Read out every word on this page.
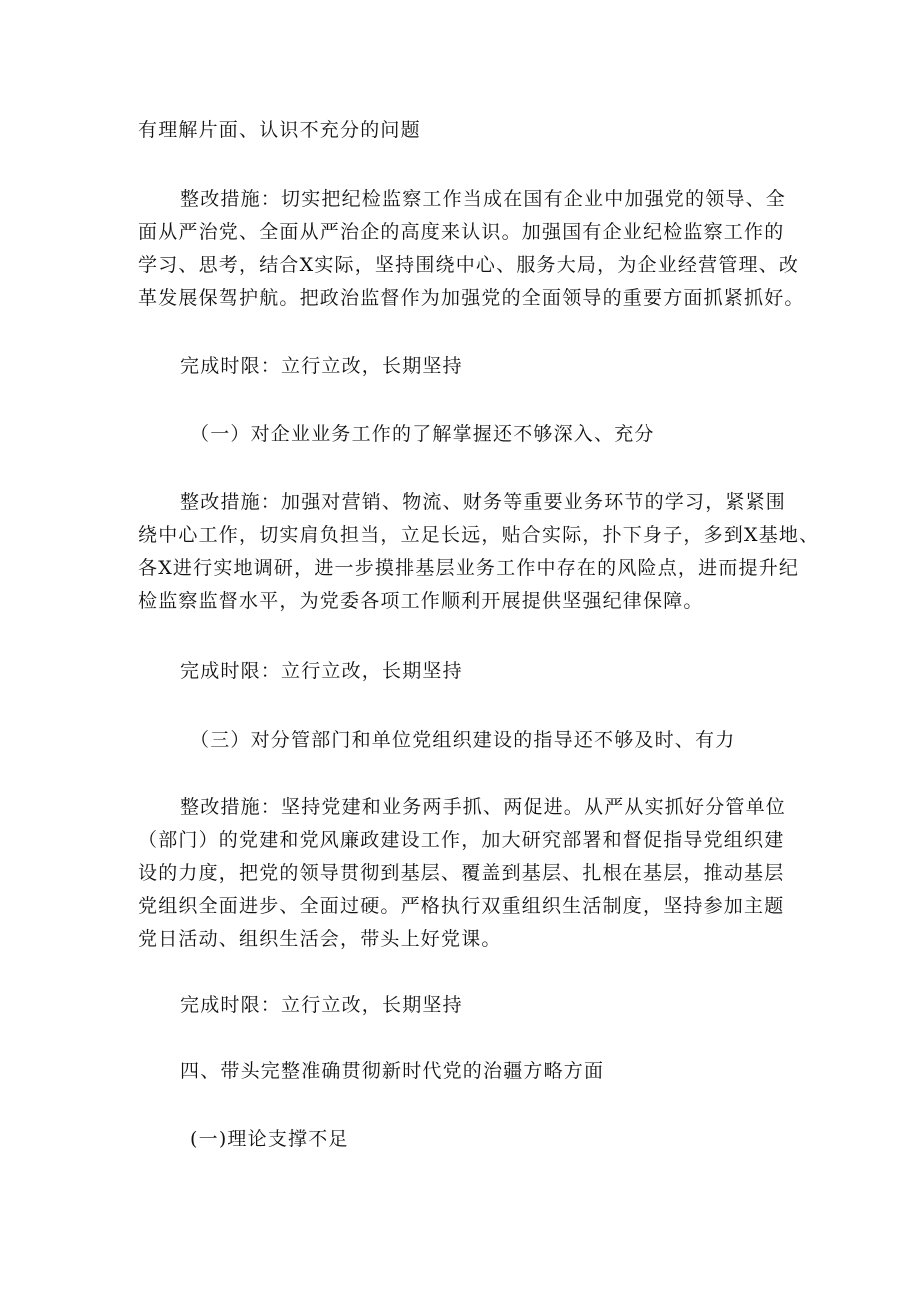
有理解片面、认识不充分的问题

整改措施：切实把纪检监察工作当成在国有企业中加强党的领导、全
面从严治党、全面从严治企的高度来认识。加强国有企业纪检监察工作的
学习、思考，结合X实际，坚持围绕中心、服务大局，为企业经营管理、改
革发展保驾护航。把政治监督作为加强党的全面领导的重要方面抓紧抓好。

完成时限：立行立改，长期坚持

（一）对企业业务工作的了解掌握还不够深入、充分

整改措施：加强对营销、物流、财务等重要业务环节的学习，紧紧围
绕中心工作，切实肩负担当，立足长远，贴合实际，扑下身子，多到X基地、
各X进行实地调研，进一步摸排基层业务工作中存在的风险点，进而提升纪
检监察监督水平，为党委各项工作顺利开展提供坚强纪律保障。

完成时限：立行立改，长期坚持

（三）对分管部门和单位党组织建设的指导还不够及时、有力

整改措施：坚持党建和业务两手抓、两促进。从严从实抓好分管单位
（部门）的党建和党风廉政建设工作，加大研究部署和督促指导党组织建
设的力度，把党的领导贯彻到基层、覆盖到基层、扎根在基层，推动基层
党组织全面进步、全面过硬。严格执行双重组织生活制度，坚持参加主题
党日活动、组织生活会，带头上好党课。

完成时限：立行立改，长期坚持

四、带头完整准确贯彻新时代党的治疆方略方面

(一)理论支撑不足
